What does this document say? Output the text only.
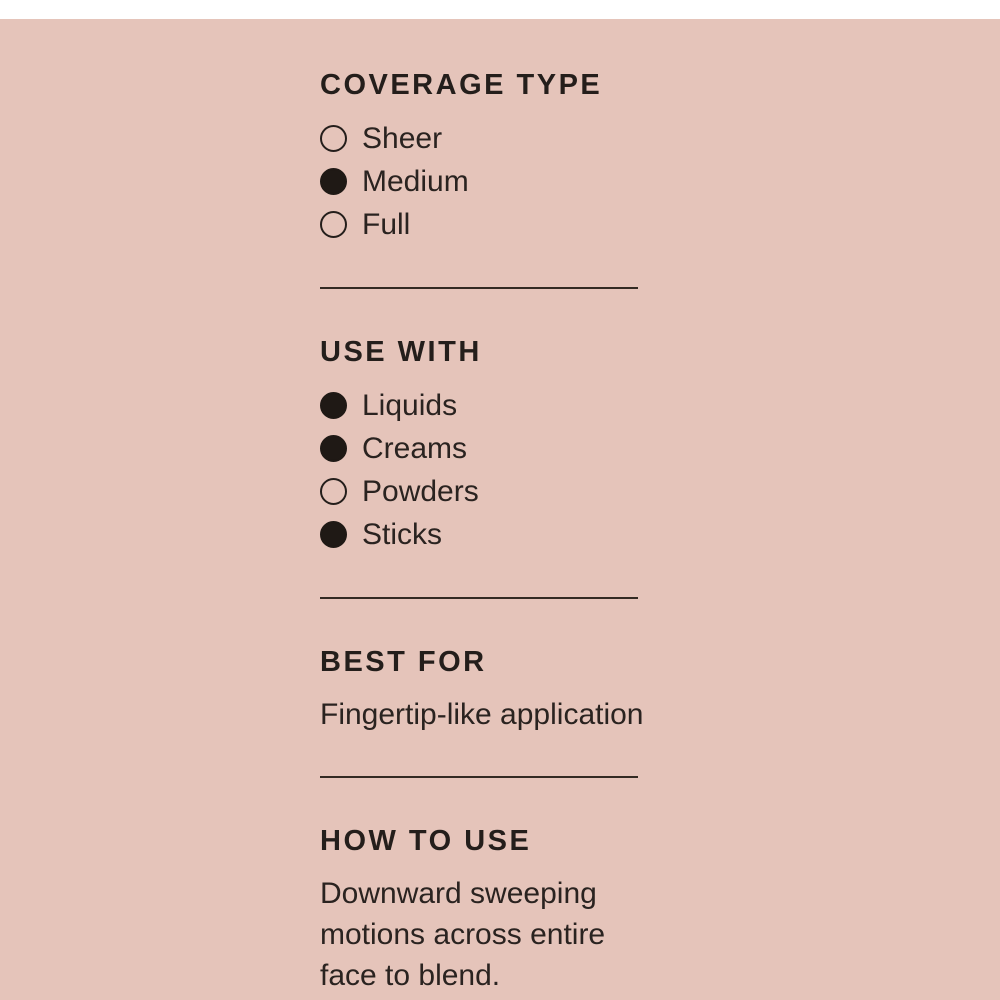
COVERAGE TYPE
Sheer
Medium
Full
USE WITH
Liquids
Creams
Powders
Sticks
BEST FOR

Fingertip-like application

HOW TO USE

Downward sweeping motions across entire face to blend.
